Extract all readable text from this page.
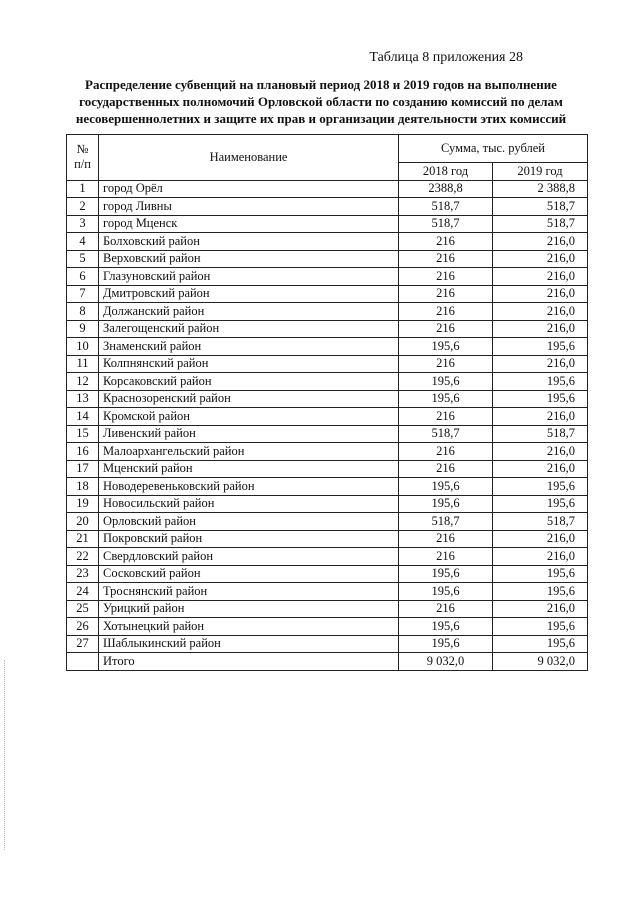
Таблица 8 приложения 28
Распределение субвенций на плановый период 2018 и 2019 годов на выполнение государственных полномочий Орловской области по созданию комиссий по делам несовершеннолетних и защите их прав и организации деятельности этих комиссий
№ п/п	Наименование	Сумма, тыс. рублей	
		2018 год	2019 год
1	город Орёл	2388,8	2 388,8
2	город Ливны	518,7	518,7
3	город Мценск	518,7	518,7
4	Болховский район	216	216,0
5	Верховский район	216	216,0
6	Глазуновский район	216	216,0
7	Дмитровский район	216	216,0
8	Должанский район	216	216,0
9	Залегощенский район	216	216,0
10	Знаменский район	195,6	195,6
11	Колпнянский район	216	216,0
12	Корсаковский район	195,6	195,6
13	Краснозоренский район	195,6	195,6
14	Кромской район	216	216,0
15	Ливенский район	518,7	518,7
16	Малоархангельский район	216	216,0
17	Мценский район	216	216,0
18	Новодеревеньковский район	195,6	195,6
19	Новосильский район	195,6	195,6
20	Орловский район	518,7	518,7
21	Покровский район	216	216,0
22	Свердловский район	216	216,0
23	Сосковский район	195,6	195,6
24	Троснянский район	195,6	195,6
25	Урицкий район	216	216,0
26	Хотынецкий район	195,6	195,6
27	Шаблыкинский район	195,6	195,6
	Итого	9 032,0	9 032,0
